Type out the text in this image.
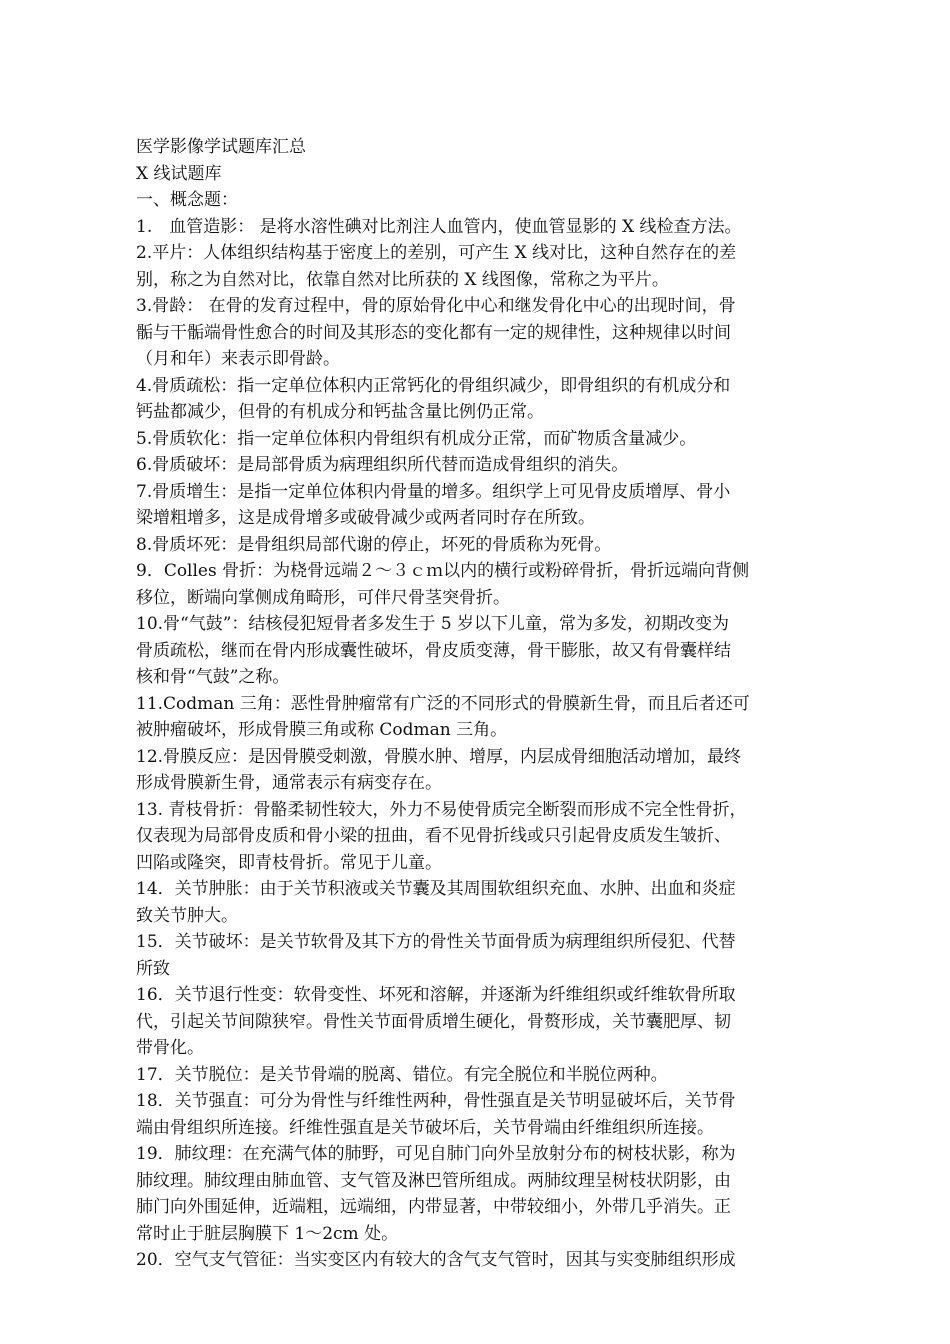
医学影像学试题库汇总
X 线试题库
一、概念题：
1.　血管造影： 是将水溶性碘对比剂注人血管内，使血管显影的 X 线检查方法。
2.平片：人体组织结构基于密度上的差别，可产生 X 线对比，这种自然存在的差
别，称之为自然对比，依靠自然对比所获的 X 线图像，常称之为平片。
3.骨龄： 在骨的发育过程中，骨的原始骨化中心和继发骨化中心的出现时间，骨
骺与干骺端骨性愈合的时间及其形态的变化都有一定的规律性，这种规律以时间
（月和年）来表示即骨龄。
4.骨质疏松：指一定单位体积内正常钙化的骨组织减少，即骨组织的有机成分和
钙盐都减少，但骨的有机成分和钙盐含量比例仍正常。
5.骨质软化：指一定单位体积内骨组织有机成分正常，而矿物质含量减少。
6.骨质破坏：是局部骨质为病理组织所代替而造成骨组织的消失。
7.骨质增生：是指一定单位体积内骨量的增多。组织学上可见骨皮质增厚、骨小
梁增粗增多，这是成骨增多或破骨减少或两者同时存在所致。
8.骨质坏死：是骨组织局部代谢的停止，坏死的骨质称为死骨。
9．Colles 骨折：为桡骨远端２～３ｃｍ以内的横行或粉碎骨折，骨折远端向背侧
移位，断端向掌侧成角畸形，可伴尺骨茎突骨折。
10.骨“气鼓”：结核侵犯短骨者多发生于 5 岁以下儿童，常为多发，初期改变为
骨质疏松，继而在骨内形成囊性破坏，骨皮质变薄，骨干膨胀，故又有骨囊样结
核和骨“气鼓”之称。
11.Codman 三角：恶性骨肿瘤常有广泛的不同形式的骨膜新生骨，而且后者还可
被肿瘤破坏，形成骨膜三角或称 Codman 三角。
12.骨膜反应：是因骨膜受刺激，骨膜水肿、增厚，内层成骨细胞活动增加，最终
形成骨膜新生骨，通常表示有病变存在。
13. 青枝骨折：骨骼柔韧性较大，外力不易使骨质完全断裂而形成不完全性骨折，
仅表现为局部骨皮质和骨小梁的扭曲，看不见骨折线或只引起骨皮质发生皱折、
凹陷或隆突，即青枝骨折。常见于儿童。
14．关节肿胀：由于关节积液或关节囊及其周围软组织充血、水肿、出血和炎症
致关节肿大。
15．关节破坏：是关节软骨及其下方的骨性关节面骨质为病理组织所侵犯、代替
所致
16．关节退行性变：软骨变性、坏死和溶解，并逐渐为纤维组织或纤维软骨所取
代，引起关节间隙狭窄。骨性关节面骨质增生硬化，骨赘形成，关节囊肥厚、韧
带骨化。
17．关节脱位：是关节骨端的脱离、错位。有完全脱位和半脱位两种。
18．关节强直：可分为骨性与纤维性两种，骨性强直是关节明显破坏后，关节骨
端由骨组织所连接。纤维性强直是关节破坏后，关节骨端由纤维组织所连接。
19．肺纹理：在充满气体的肺野，可见自肺门向外呈放射分布的树枝状影，称为
肺纹理。肺纹理由肺血管、支气管及淋巴管所组成。两肺纹理呈树枝状阴影，由
肺门向外围延伸，近端粗，远端细，内带显著，中带较细小，外带几乎消失。正
常时止于脏层胸膜下 1～2cm 处。
20．空气支气管征：当实变区内有较大的含气支气管时，因其与实变肺组织形成
